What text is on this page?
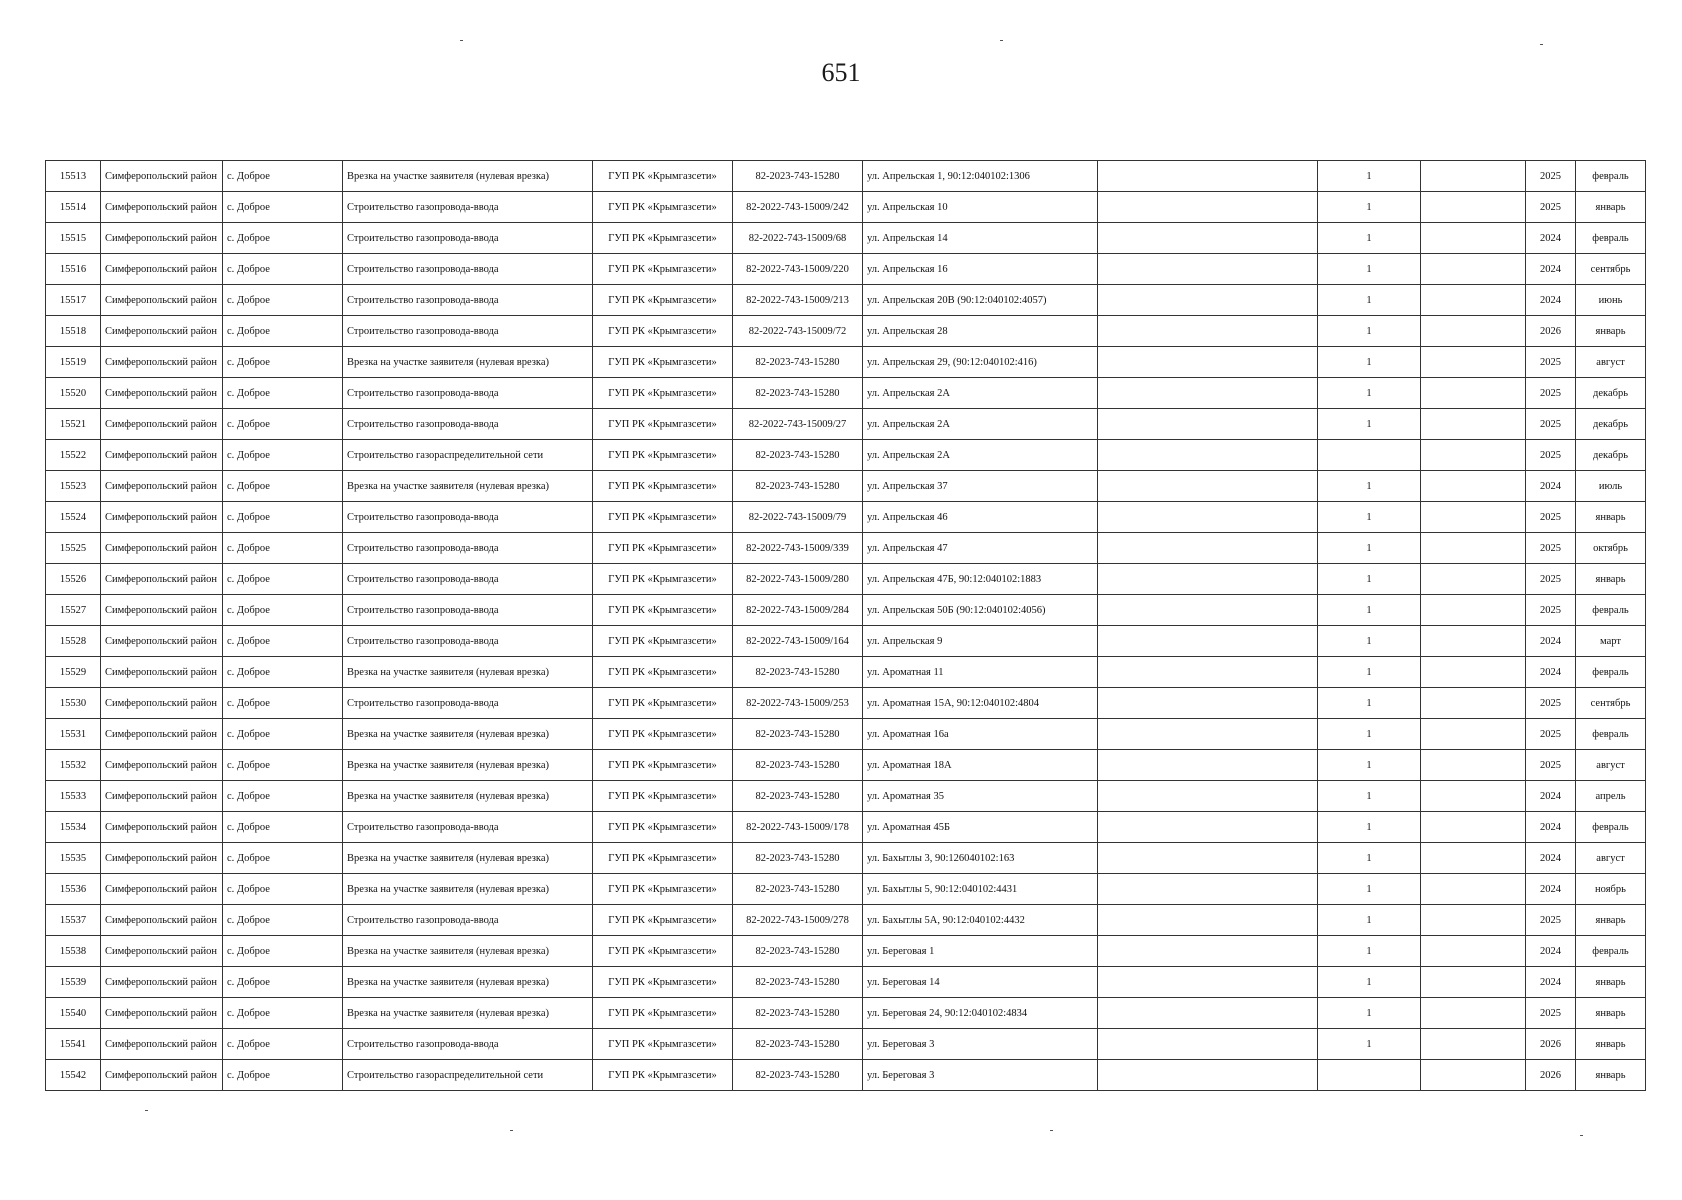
651
15513	Симферопольский район	с. Доброе	Врезка на участке заявителя (нулевая врезка)	ГУП РК «Крымгазсети»	82-2023-743-15280	ул. Апрельская 1, 90:12:040102:1306		1		2025	февраль
15514	Симферопольский район	с. Доброе	Строительство газопровода-ввода	ГУП РК «Крымгазсети»	82-2022-743-15009/242	ул. Апрельская 10		1		2025	январь
15515	Симферопольский район	с. Доброе	Строительство газопровода-ввода	ГУП РК «Крымгазсети»	82-2022-743-15009/68	ул. Апрельская 14		1		2024	февраль
15516	Симферопольский район	с. Доброе	Строительство газопровода-ввода	ГУП РК «Крымгазсети»	82-2022-743-15009/220	ул. Апрельская 16		1		2024	сентябрь
15517	Симферопольский район	с. Доброе	Строительство газопровода-ввода	ГУП РК «Крымгазсети»	82-2022-743-15009/213	ул. Апрельская 20В (90:12:040102:4057)		1		2024	июнь
15518	Симферопольский район	с. Доброе	Строительство газопровода-ввода	ГУП РК «Крымгазсети»	82-2022-743-15009/72	ул. Апрельская 28		1		2026	январь
15519	Симферопольский район	с. Доброе	Врезка на участке заявителя (нулевая врезка)	ГУП РК «Крымгазсети»	82-2023-743-15280	ул. Апрельская 29, (90:12:040102:416)		1		2025	август
15520	Симферопольский район	с. Доброе	Строительство газопровода-ввода	ГУП РК «Крымгазсети»	82-2023-743-15280	ул. Апрельская 2А		1		2025	декабрь
15521	Симферопольский район	с. Доброе	Строительство газопровода-ввода	ГУП РК «Крымгазсети»	82-2022-743-15009/27	ул. Апрельская 2А		1		2025	декабрь
15522	Симферопольский район	с. Доброе	Строительство газораспределительной сети	ГУП РК «Крымгазсети»	82-2023-743-15280	ул. Апрельская 2А				2025	декабрь
15523	Симферопольский район	с. Доброе	Врезка на участке заявителя (нулевая врезка)	ГУП РК «Крымгазсети»	82-2023-743-15280	ул. Апрельская 37		1		2024	июль
15524	Симферопольский район	с. Доброе	Строительство газопровода-ввода	ГУП РК «Крымгазсети»	82-2022-743-15009/79	ул. Апрельская 46		1		2025	январь
15525	Симферопольский район	с. Доброе	Строительство газопровода-ввода	ГУП РК «Крымгазсети»	82-2022-743-15009/339	ул. Апрельская 47		1		2025	октябрь
15526	Симферопольский район	с. Доброе	Строительство газопровода-ввода	ГУП РК «Крымгазсети»	82-2022-743-15009/280	ул. Апрельская 47Б, 90:12:040102:1883		1		2025	январь
15527	Симферопольский район	с. Доброе	Строительство газопровода-ввода	ГУП РК «Крымгазсети»	82-2022-743-15009/284	ул. Апрельская 50Б (90:12:040102:4056)		1		2025	февраль
15528	Симферопольский район	с. Доброе	Строительство газопровода-ввода	ГУП РК «Крымгазсети»	82-2022-743-15009/164	ул. Апрельская 9		1		2024	март
15529	Симферопольский район	с. Доброе	Врезка на участке заявителя (нулевая врезка)	ГУП РК «Крымгазсети»	82-2023-743-15280	ул. Ароматная 11		1		2024	февраль
15530	Симферопольский район	с. Доброе	Строительство газопровода-ввода	ГУП РК «Крымгазсети»	82-2022-743-15009/253	ул. Ароматная 15А, 90:12:040102:4804		1		2025	сентябрь
15531	Симферопольский район	с. Доброе	Врезка на участке заявителя (нулевая врезка)	ГУП РК «Крымгазсети»	82-2023-743-15280	ул. Ароматная 16а		1		2025	февраль
15532	Симферопольский район	с. Доброе	Врезка на участке заявителя (нулевая врезка)	ГУП РК «Крымгазсети»	82-2023-743-15280	ул. Ароматная 18А		1		2025	август
15533	Симферопольский район	с. Доброе	Врезка на участке заявителя (нулевая врезка)	ГУП РК «Крымгазсети»	82-2023-743-15280	ул. Ароматная 35		1		2024	апрель
15534	Симферопольский район	с. Доброе	Строительство газопровода-ввода	ГУП РК «Крымгазсети»	82-2022-743-15009/178	ул. Ароматная 45Б		1		2024	февраль
15535	Симферопольский район	с. Доброе	Врезка на участке заявителя (нулевая врезка)	ГУП РК «Крымгазсети»	82-2023-743-15280	ул. Бахытлы 3, 90:126040102:163		1		2024	август
15536	Симферопольский район	с. Доброе	Врезка на участке заявителя (нулевая врезка)	ГУП РК «Крымгазсети»	82-2023-743-15280	ул. Бахытлы 5, 90:12:040102:4431		1		2024	ноябрь
15537	Симферопольский район	с. Доброе	Строительство газопровода-ввода	ГУП РК «Крымгазсети»	82-2022-743-15009/278	ул. Бахытлы 5А, 90:12:040102:4432		1		2025	январь
15538	Симферопольский район	с. Доброе	Врезка на участке заявителя (нулевая врезка)	ГУП РК «Крымгазсети»	82-2023-743-15280	ул. Береговая 1		1		2024	февраль
15539	Симферопольский район	с. Доброе	Врезка на участке заявителя (нулевая врезка)	ГУП РК «Крымгазсети»	82-2023-743-15280	ул. Береговая 14		1		2024	январь
15540	Симферопольский район	с. Доброе	Врезка на участке заявителя (нулевая врезка)	ГУП РК «Крымгазсети»	82-2023-743-15280	ул. Береговая 24, 90:12:040102:4834		1		2025	январь
15541	Симферопольский район	с. Доброе	Строительство газопровода-ввода	ГУП РК «Крымгазсети»	82-2023-743-15280	ул. Береговая 3		1		2026	январь
15542	Симферопольский район	с. Доброе	Строительство газораспределительной сети	ГУП РК «Крымгазсети»	82-2023-743-15280	ул. Береговая 3				2026	январь
